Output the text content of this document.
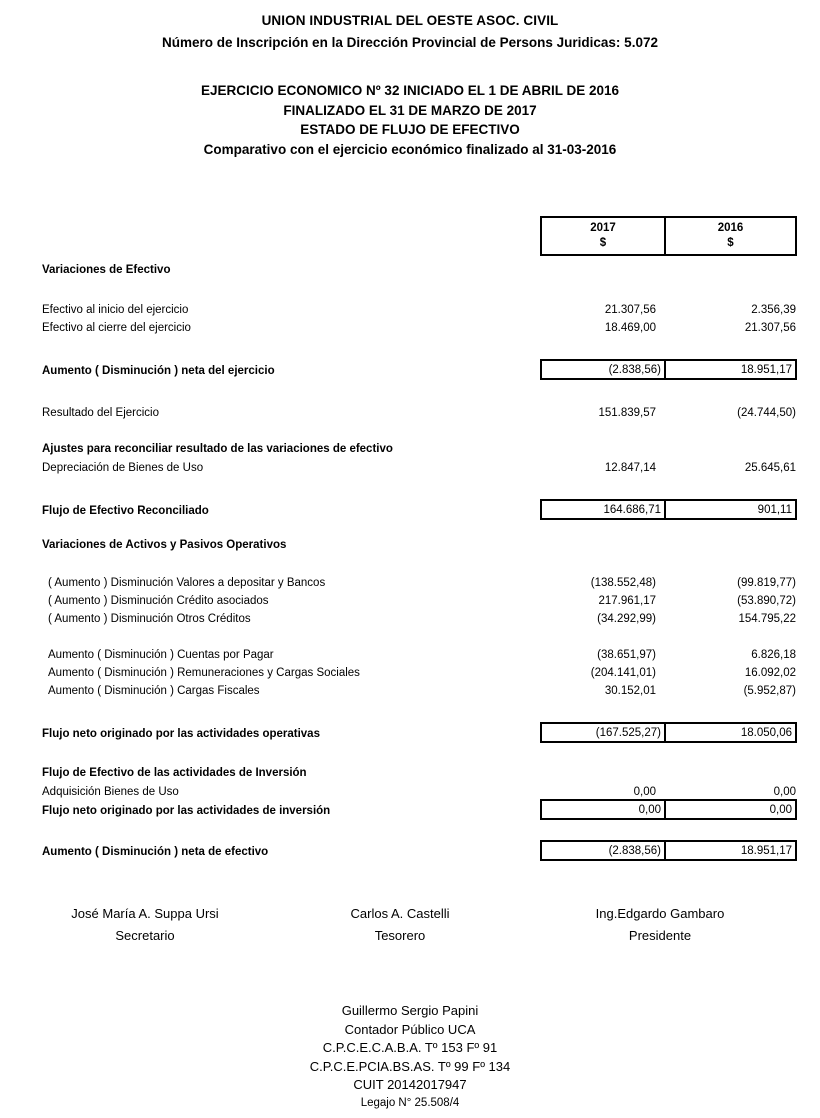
UNION INDUSTRIAL DEL OESTE ASOC. CIVIL
Número de Inscripción en la Dirección Provincial de Persons Juridicas: 5.072
EJERCICIO ECONOMICO Nº 32 INICIADO EL 1 DE ABRIL DE 2016
FINALIZADO EL 31 DE MARZO DE 2017
ESTADO DE FLUJO DE EFECTIVO
Comparativo con el ejercicio económico finalizado al 31-03-2016
2017
$
2016
$
Variaciones de Efectivo
Efectivo al inicio del ejercicio	21.307,56	2.356,39
Efectivo al cierre del ejercicio	18.469,00	21.307,56
Aumento ( Disminución ) neta del ejercicio	(2.838,56)	18.951,17
Resultado del Ejercicio	151.839,57	(24.744,50)
Ajustes para reconciliar resultado de las variaciones de efectivo
Depreciación de Bienes de Uso	12.847,14	25.645,61
Flujo de Efectivo Reconciliado	164.686,71	901,11
Variaciones de Activos y Pasivos Operativos
( Aumento ) Disminución Valores a depositar y Bancos	(138.552,48)	(99.819,77)
( Aumento ) Disminución Crédito asociados	217.961,17	(53.890,72)
( Aumento ) Disminución Otros Créditos	(34.292,99)	154.795,22
Aumento ( Disminución ) Cuentas por Pagar	(38.651,97)	6.826,18
Aumento ( Disminución ) Remuneraciones y Cargas Sociales	(204.141,01)	16.092,02
Aumento ( Disminución ) Cargas Fiscales	30.152,01	(5.952,87)
Flujo neto originado por las actividades operativas	(167.525,27)	18.050,06
Flujo de Efectivo de las actividades de Inversión
Adquisición Bienes de Uso	0,00	0,00
Flujo neto originado por las actividades de inversión	0,00	0,00
Aumento ( Disminución ) neta de efectivo	(2.838,56)	18.951,17
José María A. Suppa Ursi
Secretario
Carlos A. Castelli
Tesorero
Ing.Edgardo Gambaro
Presidente
Guillermo Sergio Papini
Contador Público UCA
C.P.C.E.C.A.B.A. Tº 153 Fº 91
C.P.C.E.PCIA.BS.AS. Tº 99 Fº 134
CUIT 20142017947
Legajo N° 25.508/4
